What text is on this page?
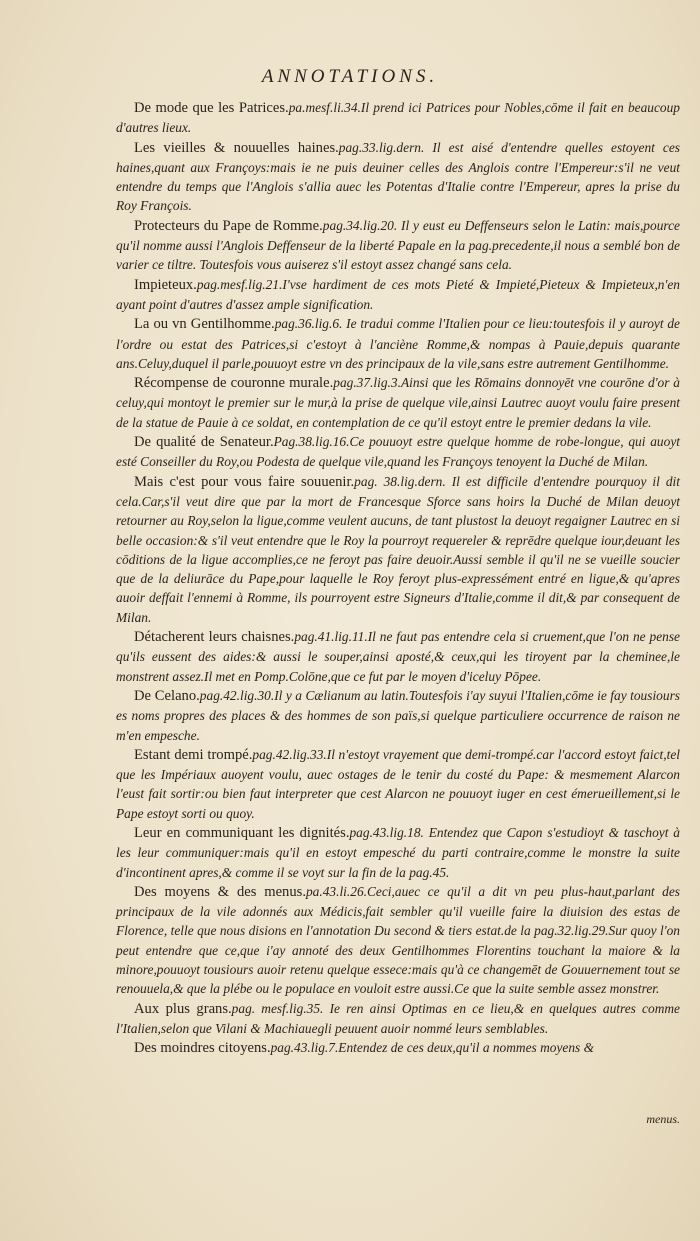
ANNOTATIONS.

De mode que les Patrices.pa.mesf.li.34.Il prend ici Patrices pour Nobles,cōme il fait en beaucoup d'autres lieux.

Les vieilles & nouuelles haines.pag.33.lig.dern. Il est aisé d'entendre quelles estoyent ces haines,quant aux Françoys:mais ie ne puis deuiner celles des Anglois contre l'Empereur:s'il ne veut entendre du temps que l'Anglois s'allia auec les Potentas d'Italie contre l'Empereur, apres la prise du Roy François.

Protecteurs du Pape de Romme.pag.34.lig.20. Il y eust eu Deffenseurs selon le Latin: mais,pource qu'il nomme aussi l'Anglois Deffenseur de la liberté Papale en la pag.precedente,il nous a semblé bon de varier ce tiltre. Toutesfois vous auiserez s'il estoyt assez changé sans cela.

Impieteux.pag.mesf.lig.21.I'vse hardiment de ces mots Pieté & Impieté,Pieteux & Impieteux,n'en ayant point d'autres d'assez ample signification.

La ou vn Gentilhomme.pag.36.lig.6. Ie tradui comme l'Italien pour ce lieu:toutesfois il y auroyt de l'ordre ou estat des Patrices,si c'estoyt à l'anciène Romme,& nompas à Pauie,depuis quarante ans.Celuy,duquel il parle,pouuoyt estre vn des principaux de la vile,sans estre autrement Gentilhomme.

Récompense de couronne murale.pag.37.lig.3.Ainsi que les Rōmains donnoyēt vne courōne d'or à celuy,qui montoyt le premier sur le mur,à la prise de quelque vile,ainsi Lautrec auoyt voulu faire present de la statue de Pauie à ce soldat, en contemplation de ce qu'il estoyt entre le premier dedans la vile.

De qualité de Senateur.Pag.38.lig.16.Ce pouuoyt estre quelque homme de robe-longue, qui auoyt esté Conseiller du Roy,ou Podesta de quelque vile,quand les Françoys tenoyent la Duché de Milan.

Mais c'est pour vous faire souuenir.pag. 38.lig.dern. Il est difficile d'entendre pourquoy il dit cela.Car,s'il veut dire que par la mort de Francesque Sforce sans hoirs la Duché de Milan deuoyt retourner au Roy,selon la ligue,comme veulent aucuns, de tant plustost la deuoyt regaigner Lautrec en si belle occasion:& s'il veut entendre que le Roy la pourroyt requereler & reprēdre quelque iour,deuant les cōditions de la ligue accomplies,ce ne feroyt pas faire deuoir.Aussi semble il qu'il ne se vueille soucier que de la deliurāce du Pape,pour laquelle le Roy feroyt plus-expressément entré en ligue,& qu'apres auoir deffait l'ennemi à Romme, ils pourroyent estre Signeurs d'Italie,comme il dit,& par consequent de Milan.

Détacherent leurs chaisnes.pag.41.lig.11.Il ne faut pas entendre cela si cruement,que l'on ne pense qu'ils eussent des aides:& aussi le souper,ainsi aposté,& ceux,qui les tiroyent par la cheminee,le monstrent assez.Il met en Pomp.Colōne,que ce fut par le moyen d'iceluy Pōpee.

De Celano.pag.42.lig.30.Il y a Cælianum au latin.Toutesfois i'ay suyui l'Italien,cōme ie fay tousiours es noms propres des places & des hommes de son païs,si quelque particuliere occurrence de raison ne m'en empesche.

Estant demi trompé.pag.42.lig.33.Il n'estoyt vrayement que demi-trompé.car l'accord estoyt faict,tel que les Impériaux auoyent voulu, auec ostages de le tenir du costé du Pape: & mesmement Alarcon l'eust fait sortir:ou bien faut interpreter que cest Alarcon ne pouuoyt iuger en cest émerueillement,si le Pape estoyt sorti ou quoy.

Leur en communiquant les dignités.pag.43.lig.18. Entendez que Capon s'estudioyt & taschoyt à les leur communiquer:mais qu'il en estoyt empesché du parti contraire,comme le monstre la suite d'incontinent apres,& comme il se voyt sur la fin de la pag.45.

Des moyens & des menus.pa.43.li.26.Ceci,auec ce qu'il a dit vn peu plus-haut,parlant des principaux de la vile adonnés aux Médicis,fait sembler qu'il vueille faire la diuision des estas de Florence, telle que nous disions en l'annotation Du second & tiers estat.de la pag.32.lig.29.Sur quoy l'on peut entendre que ce,que i'ay annoté des deux Gentilhommes Florentins touchant la maiore & la minore,pouuoyt tousiours auoir retenu quelque essece:mais qu'à ce changemēt de Gouuernement tout se renouuela,& que la plébe ou le populace en vouloit estre aussi.Ce que la suite semble assez monstrer.

Aux plus grans.pag. mesf.lig.35. Ie ren ainsi Optimas en ce lieu,& en quelques autres comme l'Italien,selon que Vilani & Machiauegli peuuent auoir nommé leurs semblables.

Des moindres citoyens.pag.43.lig.7.Entendez de ces deux,qu'il a nommes moyens &

menus.
